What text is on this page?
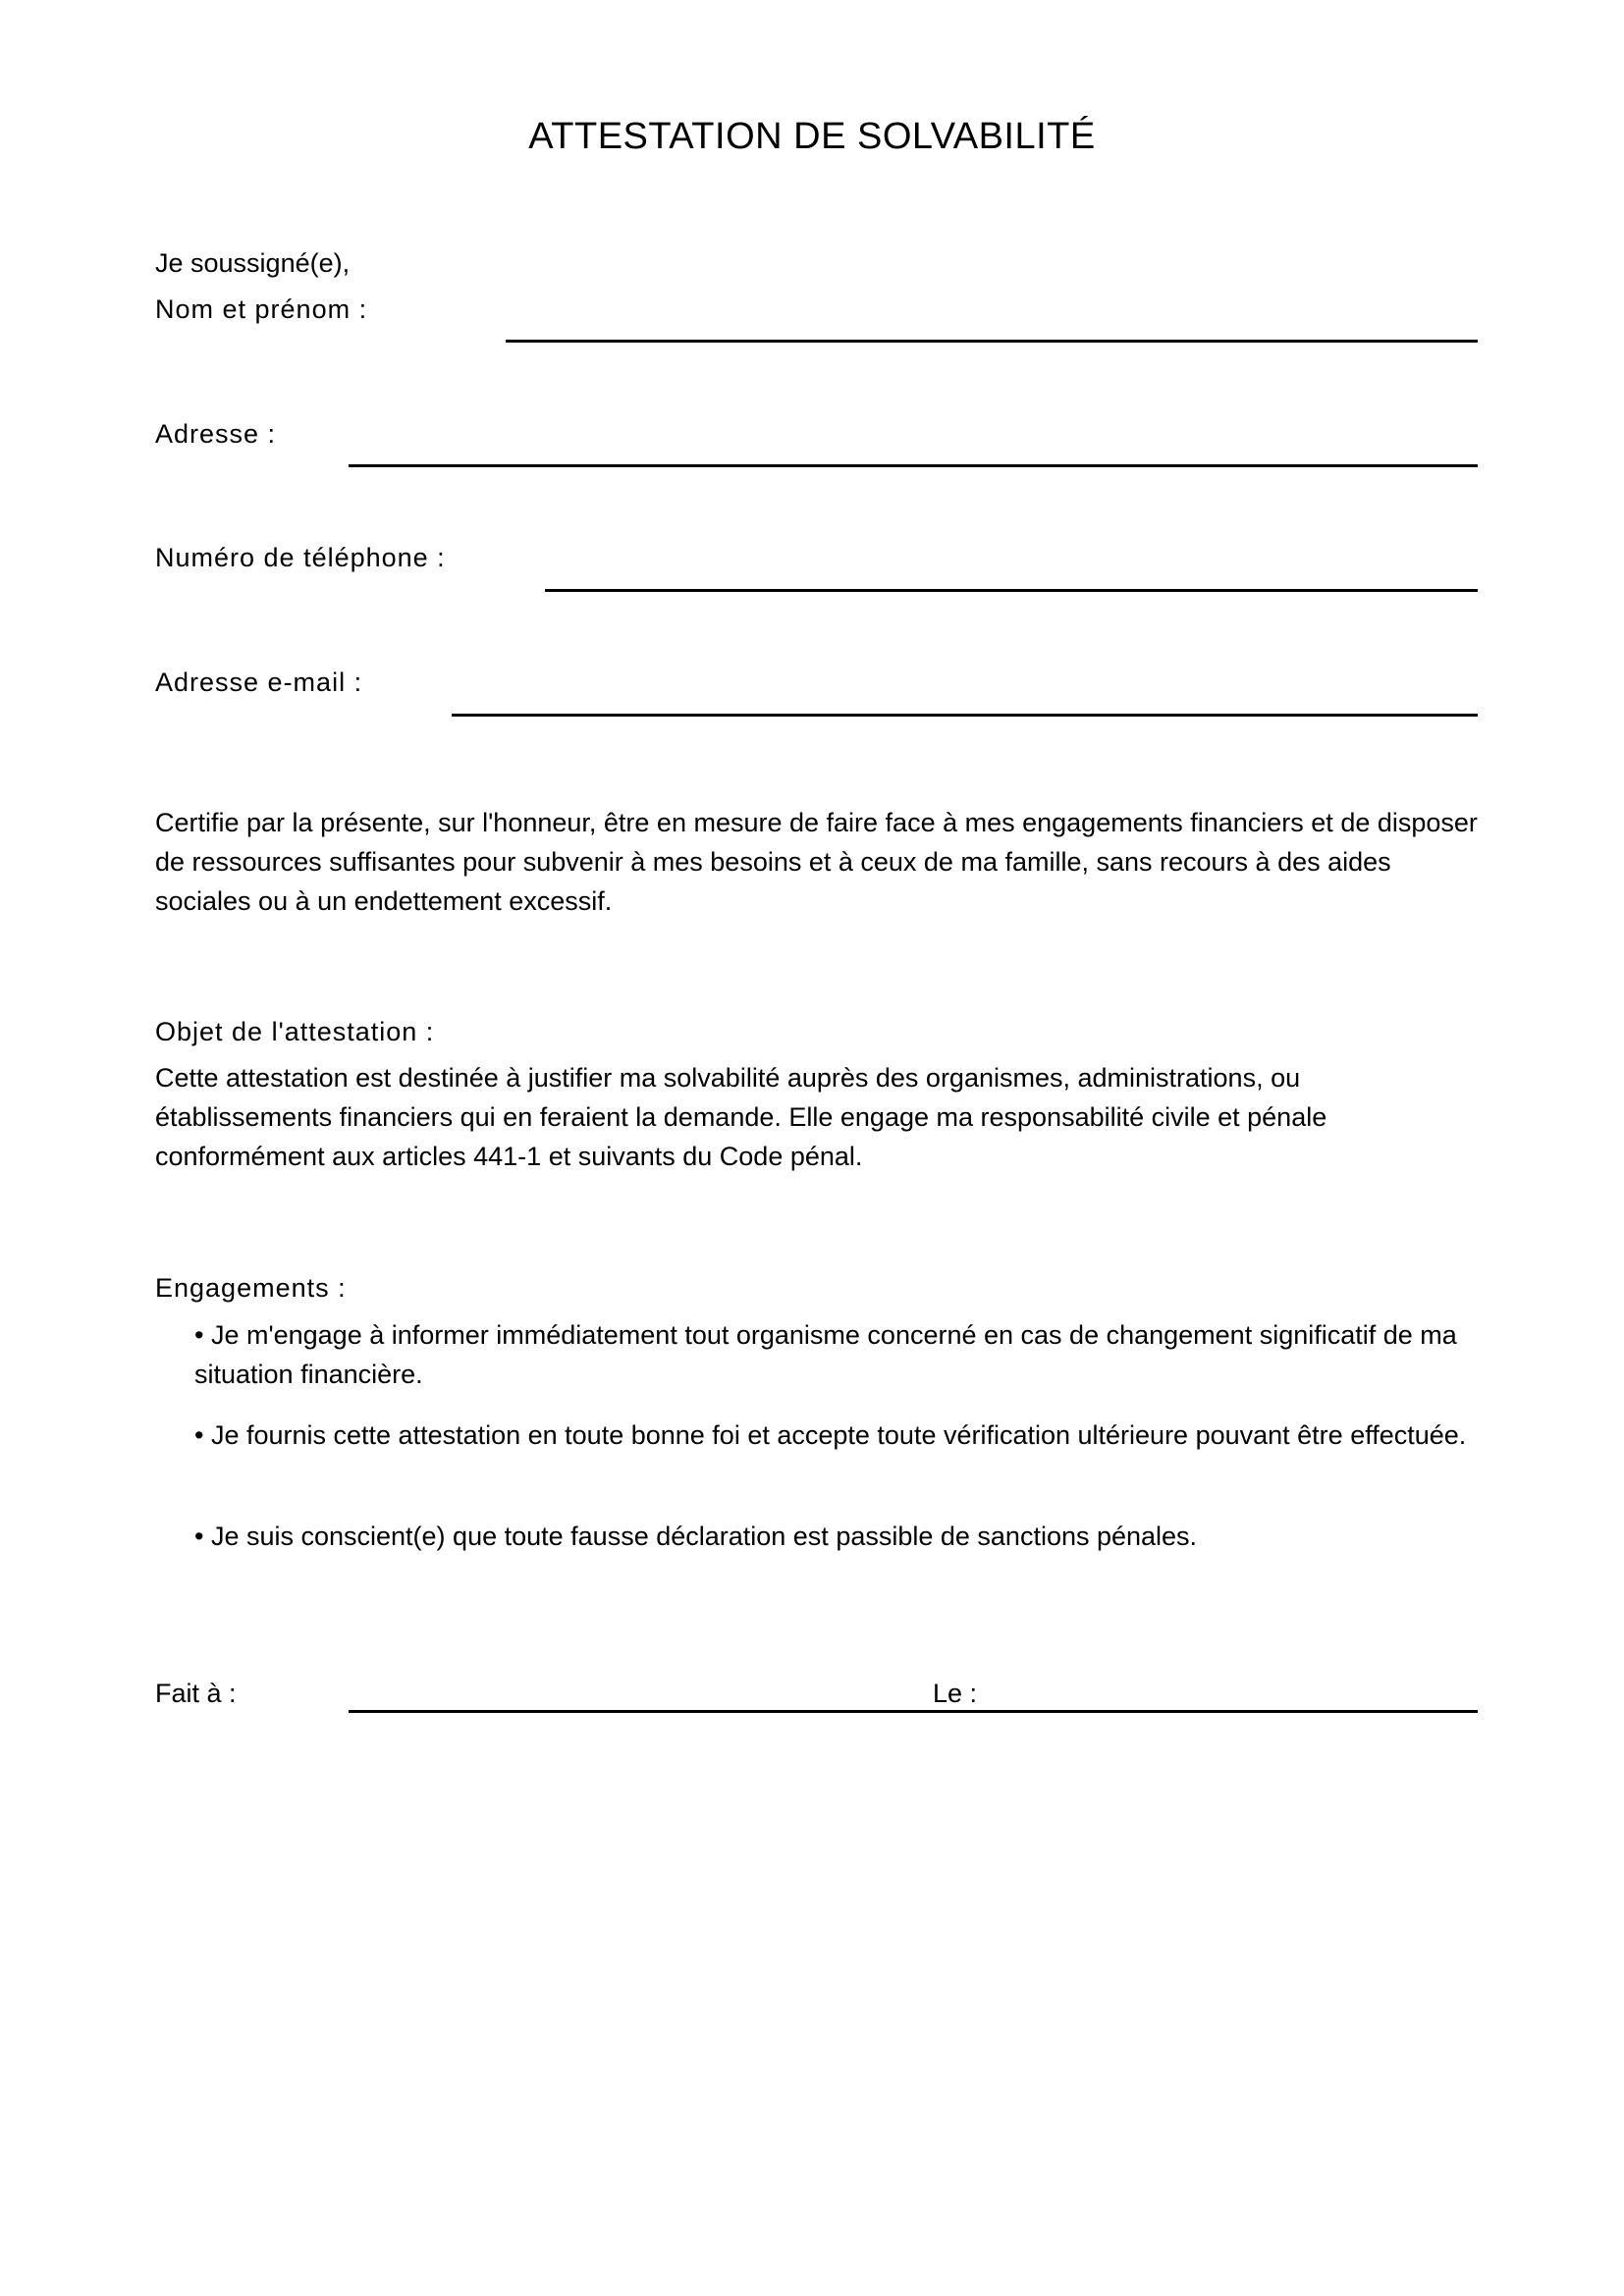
ATTESTATION DE SOLVABILITÉ
Je soussigné(e),
Nom et prénom :
Adresse :
Numéro de téléphone :
Adresse e-mail :

Certifie par la présente, sur l'honneur, être en mesure de faire face à mes engagements financiers et de disposer de ressources suffisantes pour subvenir à mes besoins et à ceux de ma famille, sans recours à des aides sociales ou à un endettement excessif.

Objet de l'attestation :

Cette attestation est destinée à justifier ma solvabilité auprès des organismes, administrations, ou établissements financiers qui en feraient la demande. Elle engage ma responsabilité civile et pénale conformément aux articles 441-1 et suivants du Code pénal.

Engagements :
• Je m'engage à informer immédiatement tout organisme concerné en cas de changement significatif de ma situation financière.
• Je fournis cette attestation en toute bonne foi et accepte toute vérification ultérieure pouvant être effectuée.
• Je suis conscient(e) que toute fausse déclaration est passible de sanctions pénales.
Fait à :	Le :
